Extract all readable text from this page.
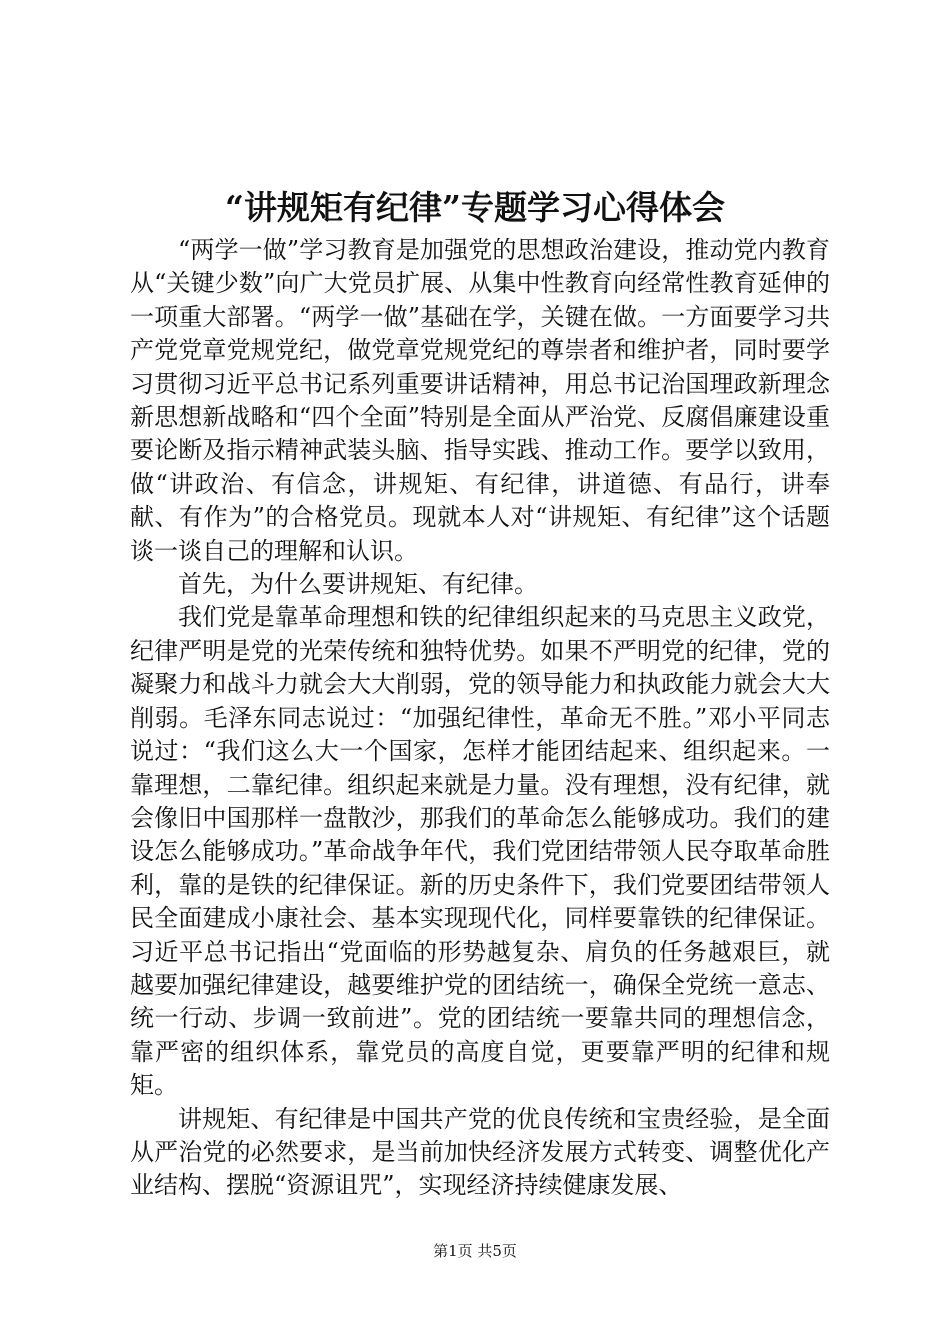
“讲规矩有纪律”专题学习心得体会

“两学一做”学习教育是加强党的思想政治建设，推动党内教育从“关键少数”向广大党员扩展、从集中性教育向经常性教育延伸的一项重大部署。“两学一做”基础在学，关键在做。一方面要学习共产党党章党规党纪，做党章党规党纪的尊崇者和维护者，同时要学习贯彻习近平总书记系列重要讲话精神，用总书记治国理政新理念新思想新战略和“四个全面”特别是全面从严治党、反腐倡廉建设重要论断及指示精神武装头脑、指导实践、推动工作。要学以致用，做“讲政治、有信念，讲规矩、有纪律，讲道德、有品行，讲奉献、有作为”的合格党员。现就本人对“讲规矩、有纪律”这个话题谈一谈自己的理解和认识。

首先，为什么要讲规矩、有纪律。

我们党是靠革命理想和铁的纪律组织起来的马克思主义政党，纪律严明是党的光荣传统和独特优势。如果不严明党的纪律，党的凝聚力和战斗力就会大大削弱，党的领导能力和执政能力就会大大削弱。毛泽东同志说过：“加强纪律性，革命无不胜。”邓小平同志说过：“我们这么大一个国家，怎样才能团结起来、组织起来。一靠理想，二靠纪律。组织起来就是力量。没有理想，没有纪律，就会像旧中国那样一盘散沙，那我们的革命怎么能够成功。我们的建设怎么能够成功。”革命战争年代，我们党团结带领人民夺取革命胜利，靠的是铁的纪律保证。新的历史条件下，我们党要团结带领人民全面建成小康社会、基本实现现代化，同样要靠铁的纪律保证。习近平总书记指出“党面临的形势越复杂、肩负的任务越艰巨，就越要加强纪律建设，越要维护党的团结统一，确保全党统一意志、统一行动、步调一致前进”。党的团结统一要靠共同的理想信念，靠严密的组织体系，靠党员的高度自觉，更要靠严明的纪律和规矩。

讲规矩、有纪律是中国共产党的优良传统和宝贵经验，是全面从严治党的必然要求，是当前加快经济发展方式转变、调整优化产业结构、摆脱“资源诅咒”，实现经济持续健康发展、

第1页 共5页
